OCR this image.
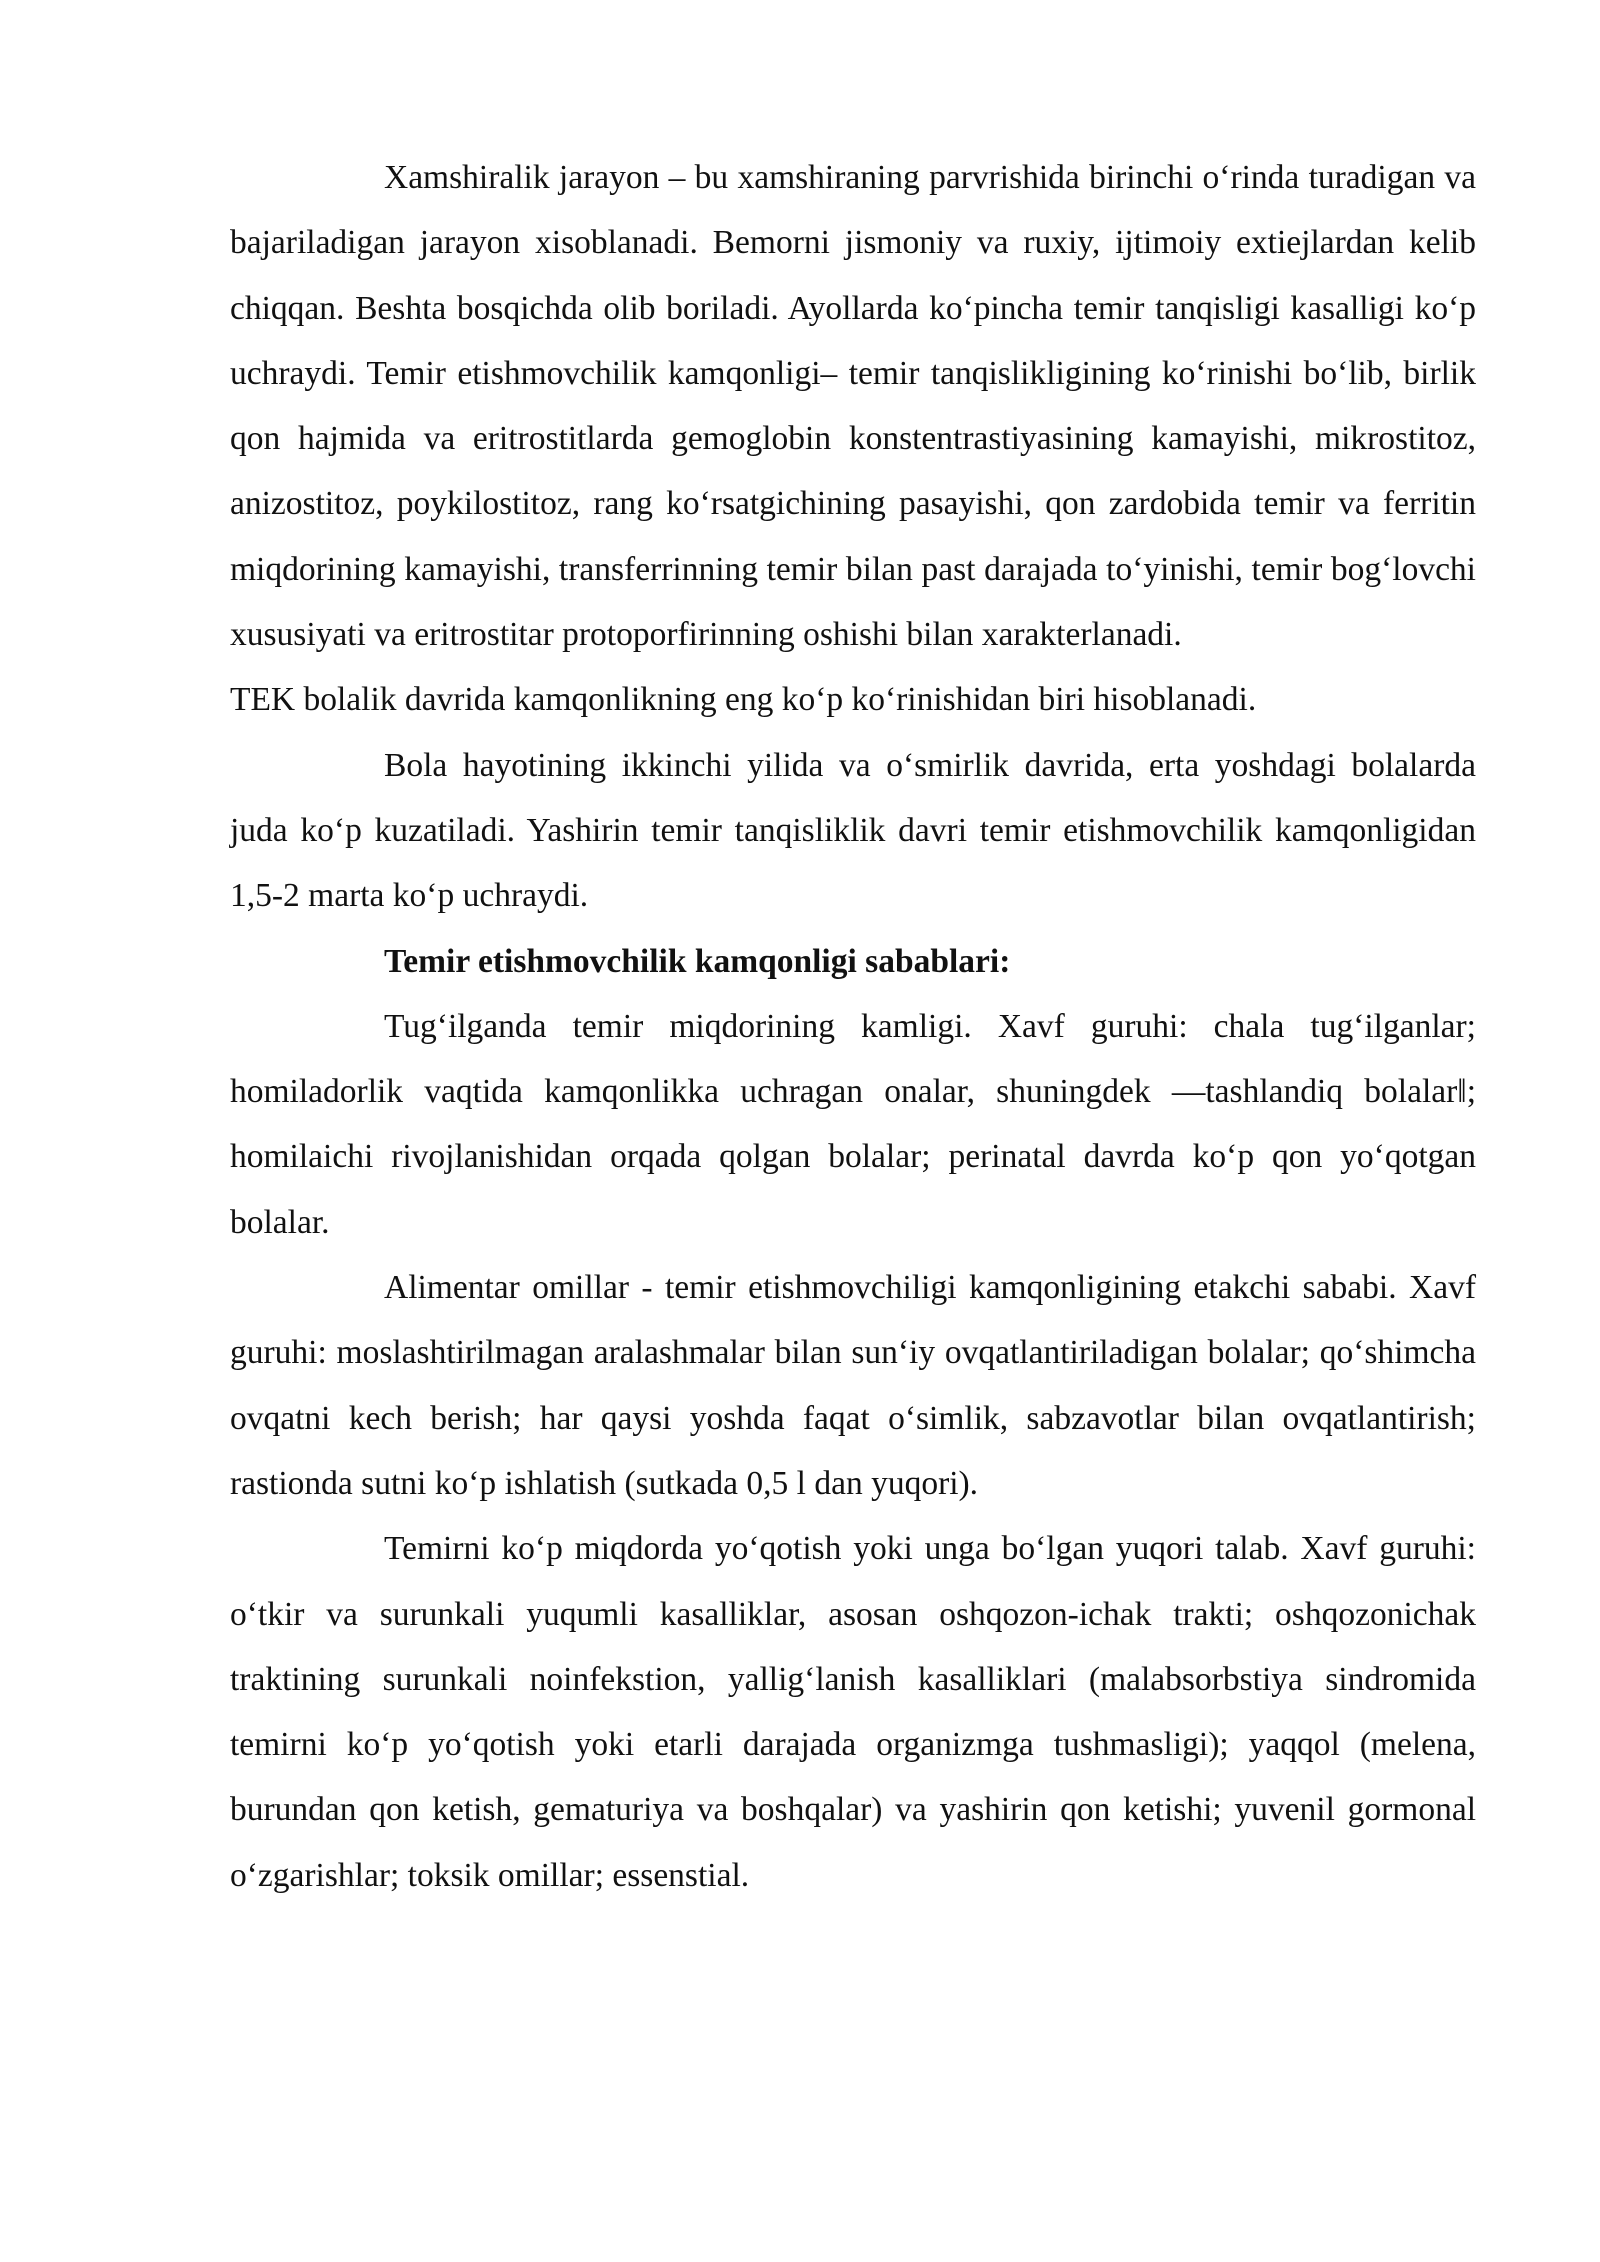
Xamshiralik jarayon – bu xamshiraning parvrishida birinchi o‘rinda turadigan va bajariladigan jarayon xisoblanadi. Bemorni jismoniy va ruxiy, ijtimoiy extiejlardan kelib chiqqan. Beshta bosqichda olib boriladi. Ayollarda ko‘pincha temir tanqisligi kasalligi ko‘p uchraydi. Temir etishmovchilik kamqonligi– temir tanqislikligining ko‘rinishi bo‘lib, birlik qon hajmida va eritrostitlarda gemoglobin konstentrastiyasining kamayishi, mikrostitoz, anizostitoz, poykilostitoz, rang ko‘rsatgichining pasayishi, qon zardobida temir va ferritin miqdorining kamayishi, transferrinning temir bilan past darajada to‘yinishi, temir bog‘lovchi xususiyati va eritrostitar protoporfirinning oshishi bilan xarakterlanadi.

TEK bolalik davrida kamqonlikning eng ko‘p ko‘rinishidan biri hisoblanadi.

Bola hayotining ikkinchi yilida va o‘smirlik davrida, erta yoshdagi bolalarda juda ko‘p kuzatiladi. Yashirin temir tanqisliklik davri temir etishmovchilik kamqonligidan 1,5-2 marta ko‘p uchraydi.

Temir etishmovchilik kamqonligi sabablari:

Tug‘ilganda temir miqdorining kamligi. Xavf guruhi: chala tug‘ilganlar; homiladorlik vaqtida kamqonlikka uchragan onalar, shuningdek ―tashlandiq bolalar‖; homilaichi rivojlanishidan orqada qolgan bolalar; perinatal davrda ko‘p qon yo‘qotgan bolalar.

Alimentar omillar - temir etishmovchiligi kamqonligining etakchi sababi. Xavf guruhi: moslashtirilmagan aralashmalar bilan sun‘iy ovqatlantiriladigan bolalar; qo‘shimcha ovqatni kech berish; har qaysi yoshda faqat o‘simlik, sabzavotlar bilan ovqatlantirish; rastionda sutni ko‘p ishlatish (sutkada 0,5 l dan yuqori).

Temirni ko‘p miqdorda yo‘qotish yoki unga bo‘lgan yuqori talab. Xavf guruhi: o‘tkir va surunkali yuqumli kasalliklar, asosan oshqozon-ichak trakti; oshqozonichak traktining surunkali noinfekstion, yallig‘lanish kasalliklari (malabsorbstiya sindromida temirni ko‘p yo‘qotish yoki etarli darajada organizmga tushmasligi); yaqqol (melena, burundan qon ketish, gematuriya va boshqalar) va yashirin qon ketishi; yuvenil gormonal o‘zgarishlar; toksik omillar; essenstial.
